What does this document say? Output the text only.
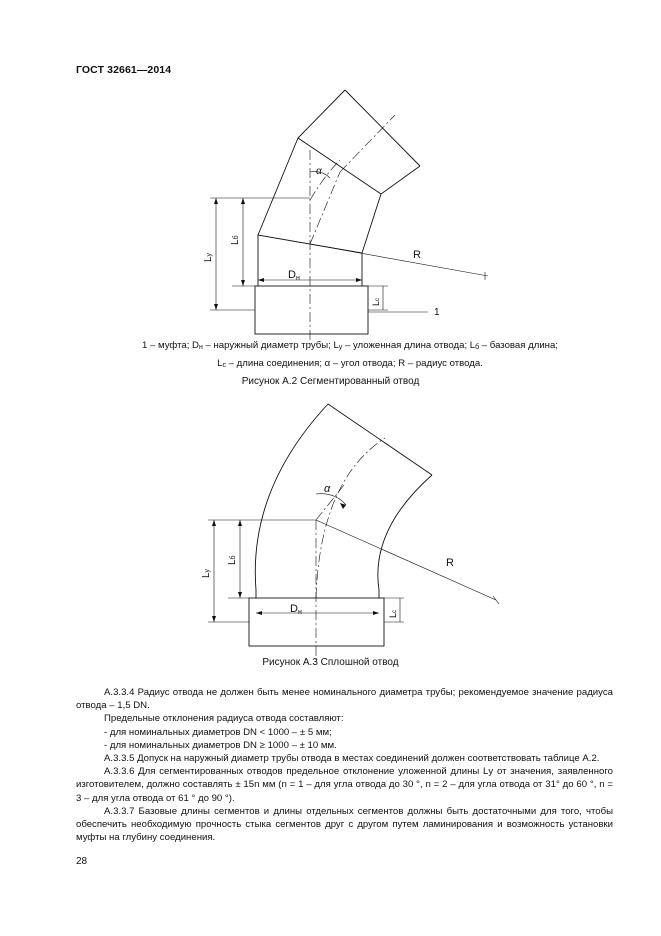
ГОСТ 32661—2014
α
R
Lу
Lб
Dн
Lс
1
1 – муфта; $D_н$ – наружный диаметр трубы; $L_у$ – уложенная длина отвода; $L_б$ – базовая длина;
$L_с$ – длина соединения; α – угол отвода; R – радиус отвода.
Рисунок А.2 Сегментированный отвод
α
R
Lу
Lб
Dн	Lс
Рисунок А.3 Сплошной отвод

А.3.3.4 Радиус отвода не должен быть менее номинального диаметра трубы; рекомендуемое значение радиуса отвода – 1,5 DN.

Предельные отклонения радиуса отвода составляют:

- для номинальных диаметров DN < 1000 – ± 5 мм;

- для номинальных диаметров DN ≥ 1000 – ± 10 мм.

А.3.3.5 Допуск на наружный диаметр трубы отвода в местах соединений должен соответствовать таблице А.2.

А.3.3.6 Для сегментированных отводов предельное отклонение уложенной длины Lу от значения, заявленного изготовителем, должно составлять ± 15n мм (n = 1 – для угла отвода до 30 °, n = 2 – для угла отвода от 31° до 60 °, n = 3 – для угла отвода от 61 ° до 90 °).

А.3.3.7 Базовые длины сегментов и длины отдельных сегментов должны быть достаточными для того, чтобы обеспечить необходимую прочность стыка сегментов друг с другом путем ламинирования и возможность установки муфты на глубину соединения.

28
